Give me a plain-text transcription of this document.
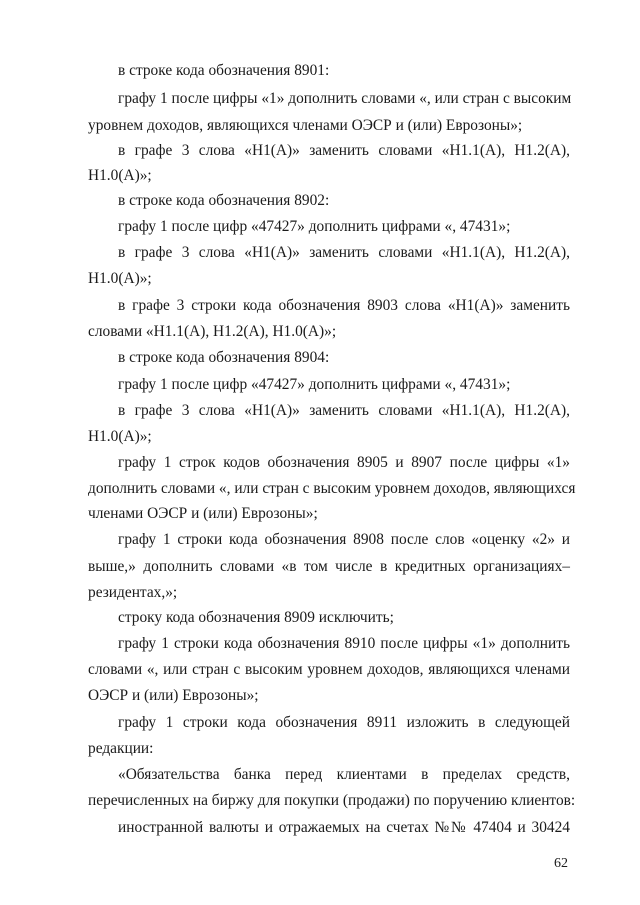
в строке кода обозначения 8901:
графу 1 после цифры «1» дополнить словами «, или стран с высоким
уровнем доходов, являющихся членами ОЭСР и (или) Еврозоны»;
в графе 3 слова «Н1(А)» заменить словами «Н1.1(А), Н1.2(А),
Н1.0(А)»;
в строке кода обозначения 8902:
графу 1 после цифр «47427» дополнить цифрами «, 47431»;
в графе 3 слова «Н1(А)» заменить словами «Н1.1(А), Н1.2(А),
Н1.0(А)»;
в графе 3 строки кода обозначения 8903 слова «Н1(А)» заменить
словами «Н1.1(А), Н1.2(А), Н1.0(А)»;
в строке кода обозначения 8904:
графу 1 после цифр «47427» дополнить цифрами «, 47431»;
в графе 3 слова «Н1(А)» заменить словами «Н1.1(А), Н1.2(А),
Н1.0(А)»;
графу 1 строк кодов обозначения 8905 и 8907 после цифры «1»
дополнить словами «, или стран с высоким уровнем доходов, являющихся
членами ОЭСР и (или) Еврозоны»;
графу 1 строки кода обозначения 8908 после слов «оценку «2» и
выше,» дополнить словами «в том числе в кредитных организациях–
резидентах,»;
строку кода обозначения 8909 исключить;
графу 1 строки кода обозначения 8910 после цифры «1» дополнить
словами «, или стран с высоким уровнем доходов, являющихся членами
ОЭСР и (или) Еврозоны»;
графу 1 строки кода обозначения 8911 изложить в следующей
редакции:
«Обязательства банка перед клиентами в пределах средств,
перечисленных на биржу для покупки (продажи) по поручению клиентов:
иностранной валюты и отражаемых на счетах №№ 47404 и 30424
62
